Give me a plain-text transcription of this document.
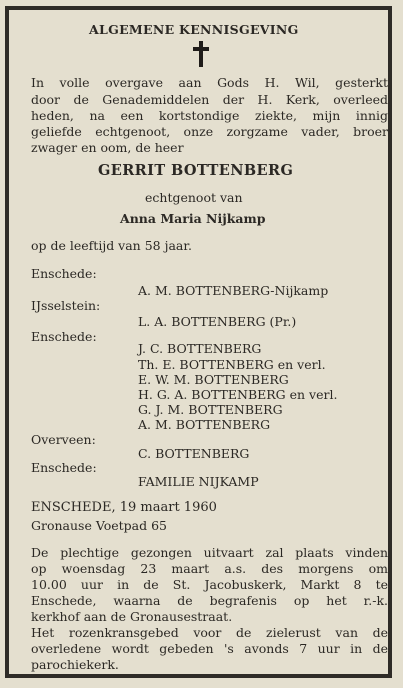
ALGEMENE KENNISGEVING
In volle overgave aan Gods H. Wil, gesterkt
door de Genademiddelen der H. Kerk, overleed
heden, na een kortstondige ziekte, mijn innig
geliefde echtgenoot, onze zorgzame vader, broer
zwager en oom, de heer
GERRIT BOTTENBERG
echtgenoot van
Anna Maria Nijkamp
op de leeftijd van 58 jaar.
Enschede:
A. M. BOTTENBERG-Nijkamp
IJsselstein:
L. A. BOTTENBERG (Pr.)
Enschede:
J. C. BOTTENBERG
Th. E. BOTTENBERG en verl.
E. W. M. BOTTENBERG
H. G. A. BOTTENBERG en verl.
G. J. M. BOTTENBERG
A. M. BOTTENBERG
Overveen:
C. BOTTENBERG
Enschede:
FAMILIE NIJKAMP
ENSCHEDE, 19 maart 1960
Gronause Voetpad 65
De plechtige gezongen uitvaart zal plaats vinden
op woensdag 23 maart a.s. des morgens om
10.00 uur in de St. Jacobuskerk, Markt 8 te
Enschede, waarna de begrafenis op het r.-k.
kerkhof aan de Gronausestraat.
Het rozenkransgebed voor de zielerust van de
overledene wordt gebeden 's avonds 7 uur in de
parochiekerk.
